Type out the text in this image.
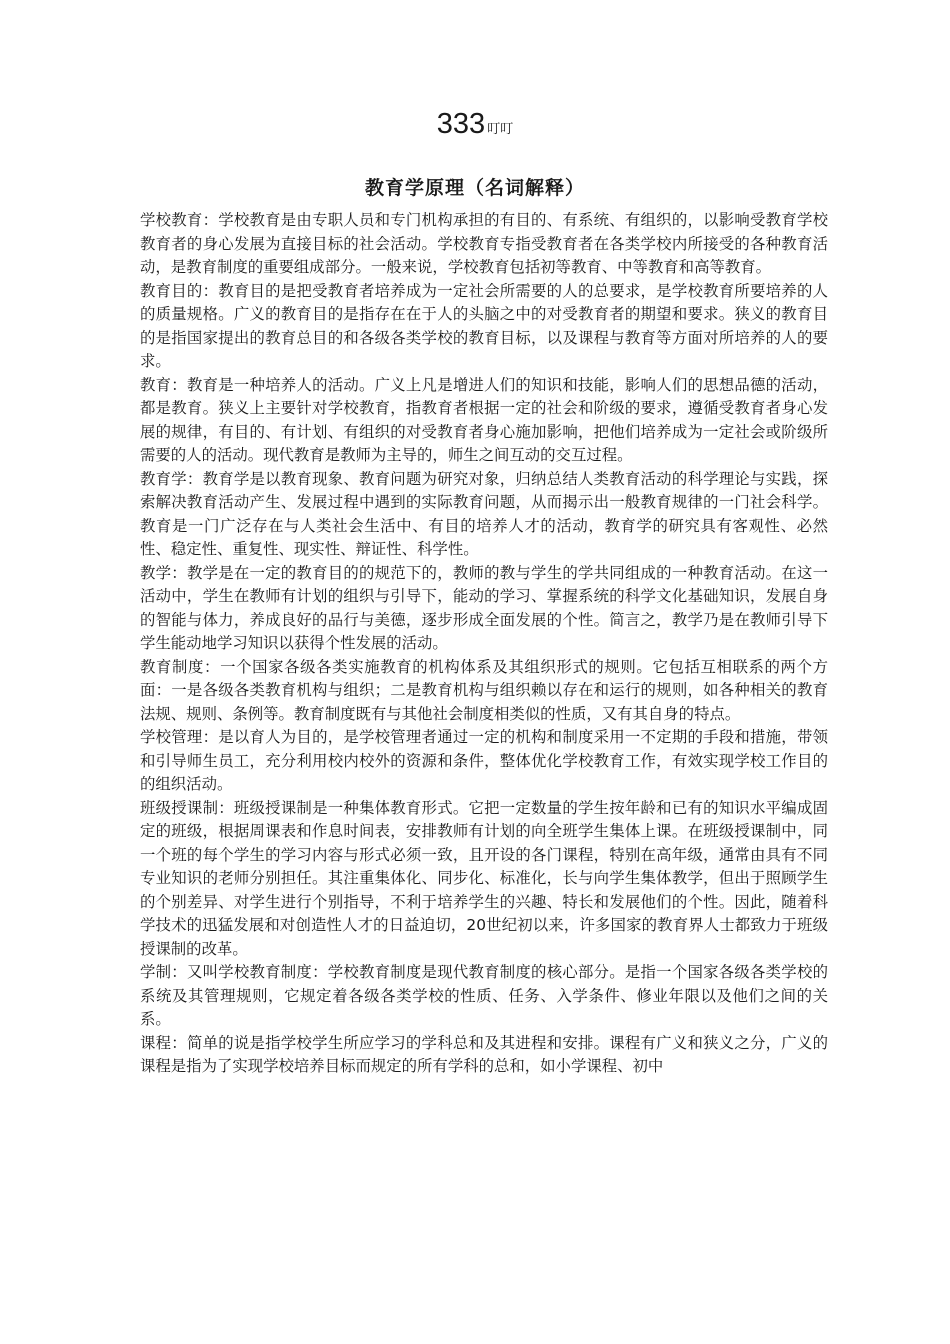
333 叮叮
教育学原理（名词解释）

学校教育：学校教育是由专职人员和专门机构承担的有目的、有系统、有组织的，以影响受教育学校教育者的身心发展为直接目标的社会活动。学校教育专指受教育者在各类学校内所接受的各种教育活动，是教育制度的重要组成部分。一般来说，学校教育包括初等教育、中等教育和高等教育。

教育目的：教育目的是把受教育者培养成为一定社会所需要的人的总要求，是学校教育所要培养的人的质量规格。广义的教育目的是指存在在于人的头脑之中的对受教育者的期望和要求。狭义的教育目的是指国家提出的教育总目的和各级各类学校的教育目标，以及课程与教育等方面对所培养的人的要求。

教育：教育是一种培养人的活动。广义上凡是增进人们的知识和技能，影响人们的思想品德的活动，都是教育。狭义上主要针对学校教育，指教育者根据一定的社会和阶级的要求，遵循受教育者身心发展的规律，有目的、有计划、有组织的对受教育者身心施加影响，把他们培养成为一定社会或阶级所需要的人的活动。现代教育是教师为主导的，师生之间互动的交互过程。

教育学：教育学是以教育现象、教育问题为研究对象，归纳总结人类教育活动的科学理论与实践，探索解决教育活动产生、发展过程中遇到的实际教育问题，从而揭示出一般教育规律的一门社会科学。教育是一门广泛存在与人类社会生活中、有目的培养人才的活动，教育学的研究具有客观性、必然性、稳定性、重复性、现实性、辩证性、科学性。

教学：教学是在一定的教育目的的规范下的，教师的教与学生的学共同组成的一种教育活动。在这一活动中，学生在教师有计划的组织与引导下，能动的学习、掌握系统的科学文化基础知识，发展自身的智能与体力，养成良好的品行与美德，逐步形成全面发展的个性。简言之，教学乃是在教师引导下学生能动地学习知识以获得个性发展的活动。

教育制度：一个国家各级各类实施教育的机构体系及其组织形式的规则。它包括互相联系的两个方面：一是各级各类教育机构与组织；二是教育机构与组织赖以存在和运行的规则，如各种相关的教育法规、规则、条例等。教育制度既有与其他社会制度相类似的性质，又有其自身的特点。

学校管理：是以育人为目的，是学校管理者通过一定的机构和制度采用一不定期的手段和措施，带领和引导师生员工，充分利用校内校外的资源和条件，整体优化学校教育工作，有效实现学校工作目的的组织活动。

班级授课制：班级授课制是一种集体教育形式。它把一定数量的学生按年龄和已有的知识水平编成固定的班级，根据周课表和作息时间表，安排教师有计划的向全班学生集体上课。在班级授课制中，同一个班的每个学生的学习内容与形式必须一致，且开设的各门课程，特别在高年级，通常由具有不同专业知识的老师分别担任。其注重集体化、同步化、标准化，长与向学生集体教学，但出于照顾学生的个别差异、对学生进行个别指导，不利于培养学生的兴趣、特长和发展他们的个性。因此，随着科学技术的迅猛发展和对创造性人才的日益迫切，20世纪初以来，许多国家的教育界人士都致力于班级授课制的改革。

学制：又叫学校教育制度：学校教育制度是现代教育制度的核心部分。是指一个国家各级各类学校的系统及其管理规则，它规定着各级各类学校的性质、任务、入学条件、修业年限以及他们之间的关系。

课程：简单的说是指学校学生所应学习的学科总和及其进程和安排。课程有广义和狭义之分，广义的课程是指为了实现学校培养目标而规定的所有学科的总和，如小学课程、初中
